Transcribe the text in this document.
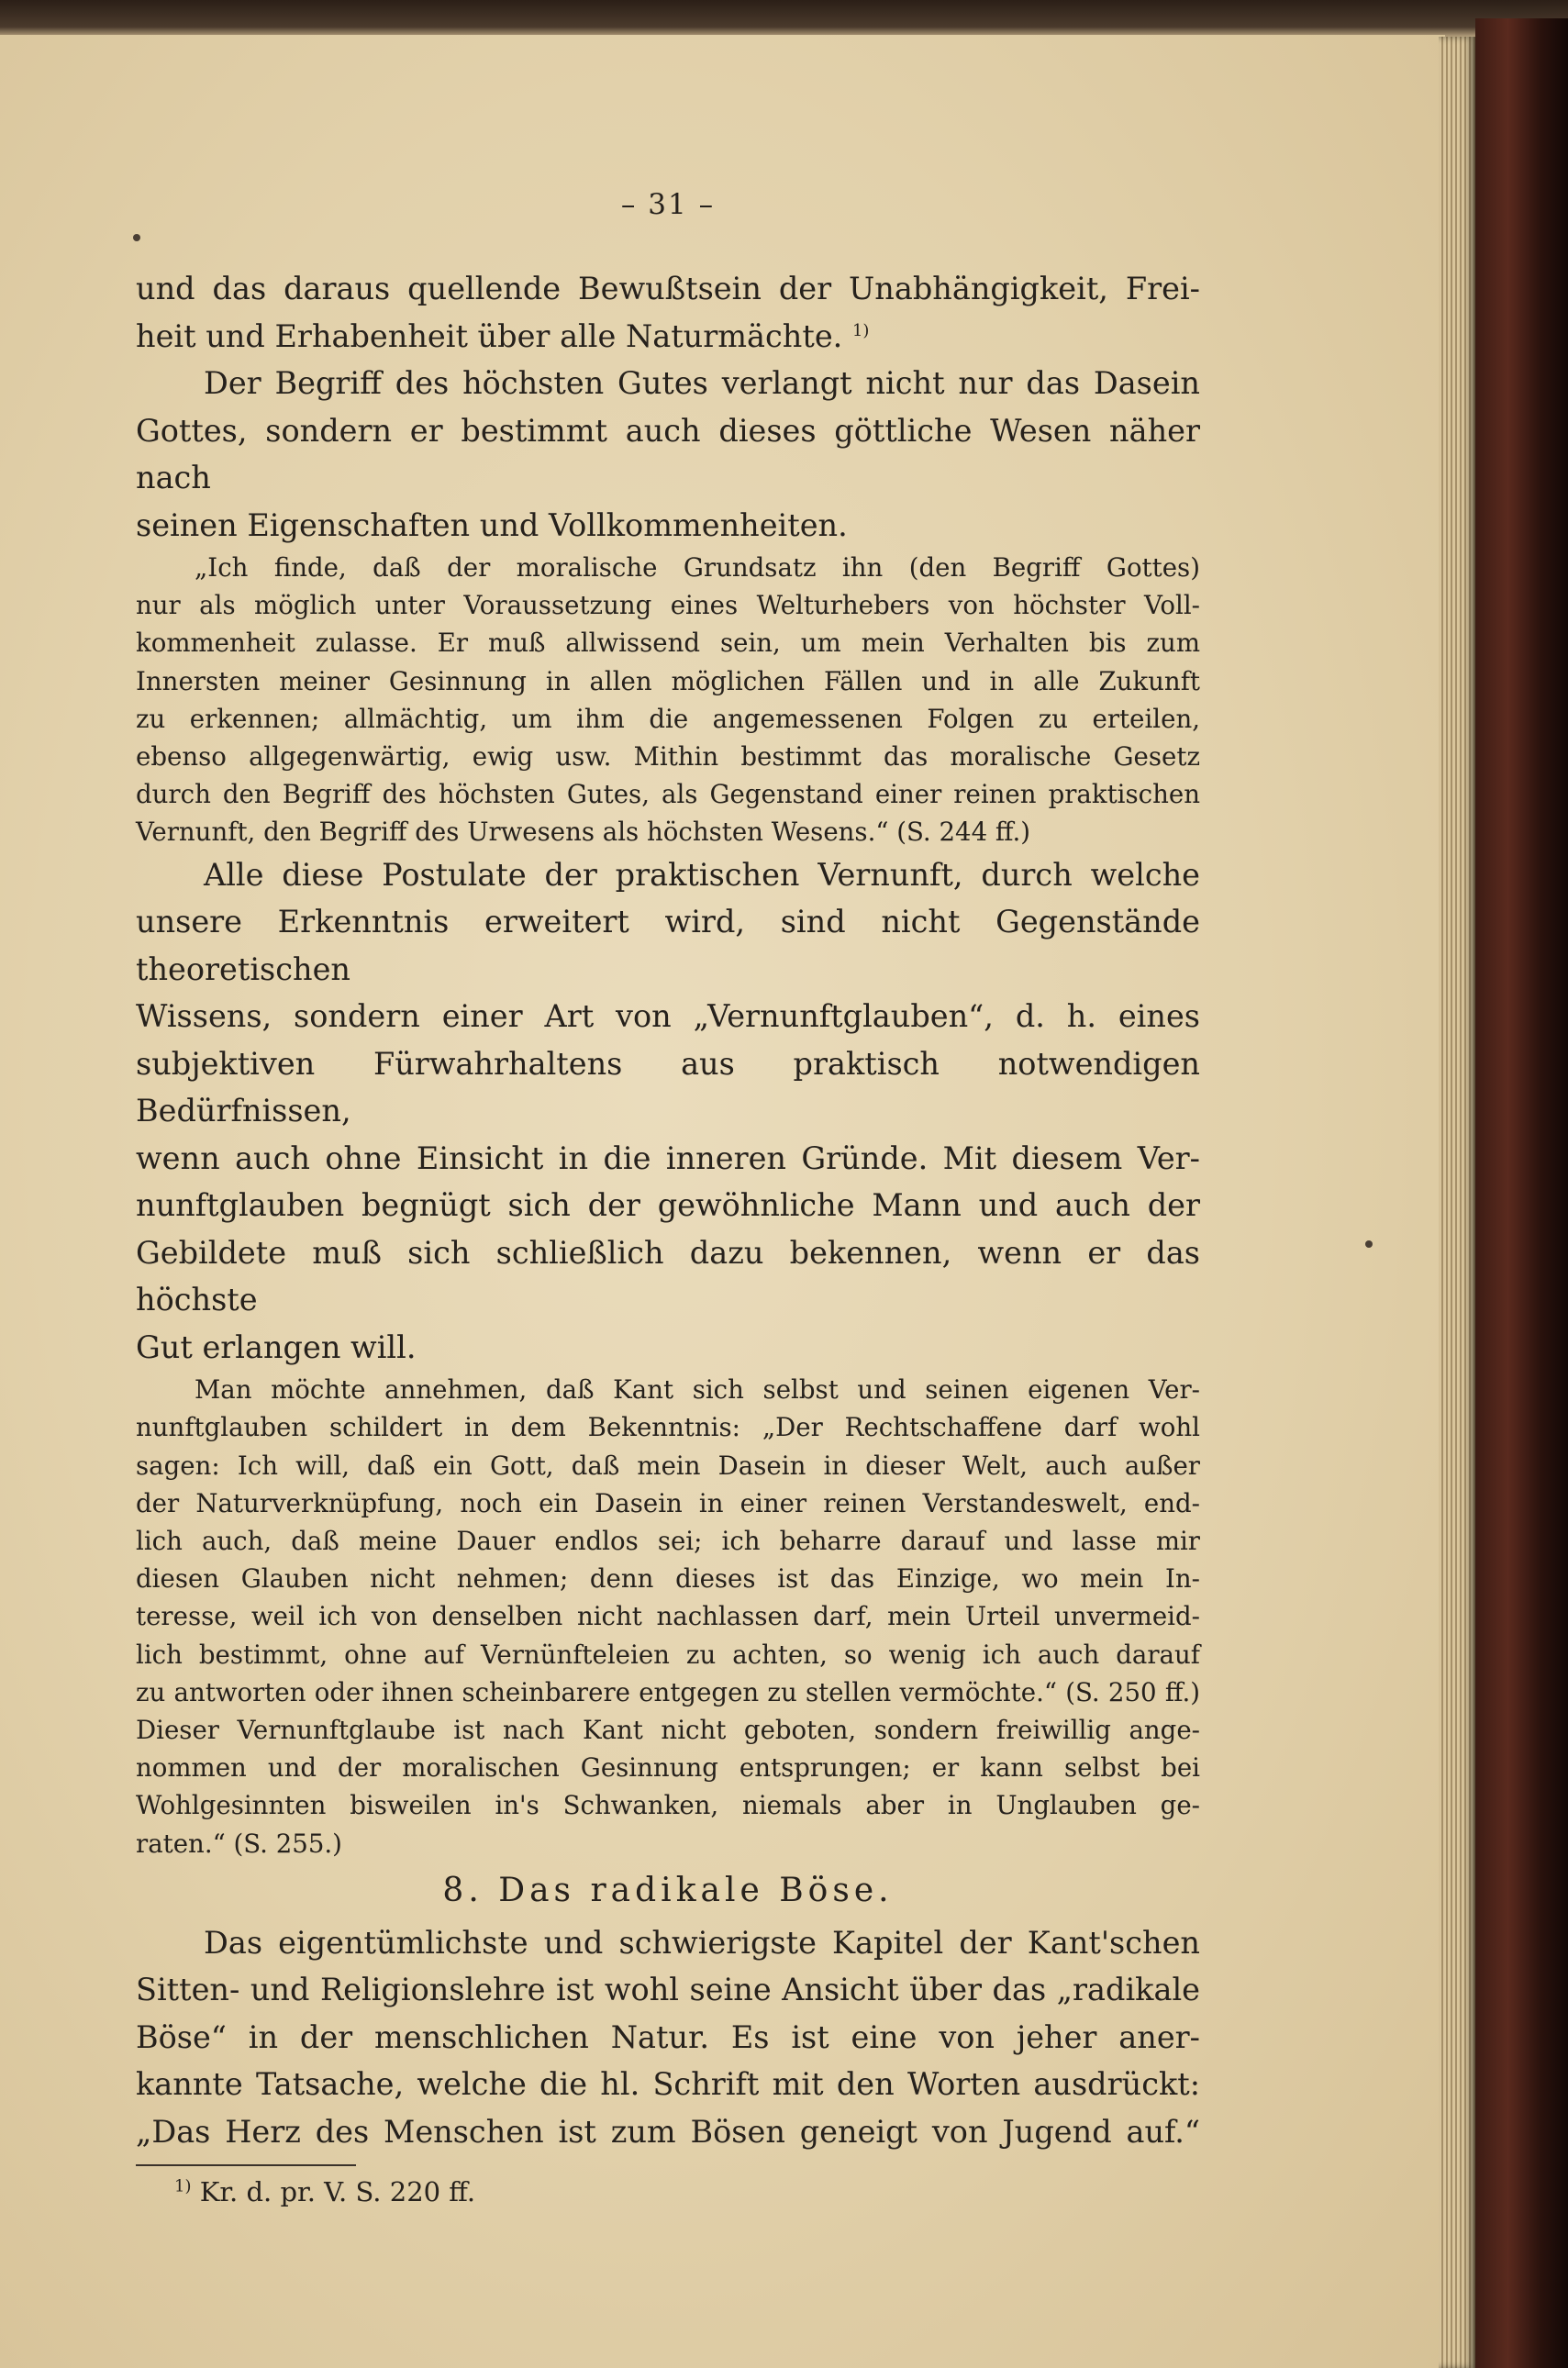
– 31 –

und das daraus quellende Bewußtsein der Unabhängigkeit, Frei-

heit und Erhabenheit über alle Naturmächte. $^{1)}$

Der Begriff des höchsten Gutes verlangt nicht nur das Dasein

Gottes, sondern er bestimmt auch dieses göttliche Wesen näher nach

seinen Eigenschaften und Vollkommenheiten.

„Ich finde, daß der moralische Grundsatz ihn (den Begriff Gottes)

nur als möglich unter Voraussetzung eines Welturhebers von höchster Voll-

kommenheit zulasse. Er muß allwissend sein, um mein Verhalten bis zum

Innersten meiner Gesinnung in allen möglichen Fällen und in alle Zukunft

zu erkennen; allmächtig, um ihm die angemessenen Folgen zu erteilen,

ebenso allgegenwärtig, ewig usw. Mithin bestimmt das moralische Gesetz

durch den Begriff des höchsten Gutes, als Gegenstand einer reinen praktischen

Vernunft, den Begriff des Urwesens als höchsten Wesens.“ (S. 244 ff.)

Alle diese Postulate der praktischen Vernunft, durch welche

unsere Erkenntnis erweitert wird, sind nicht Gegenstände theoretischen

Wissens, sondern einer Art von „Vernunftglauben“, d. h. eines

subjektiven Fürwahrhaltens aus praktisch notwendigen Bedürfnissen,

wenn auch ohne Einsicht in die inneren Gründe. Mit diesem Ver-

nunftglauben begnügt sich der gewöhnliche Mann und auch der

Gebildete muß sich schließlich dazu bekennen, wenn er das höchste

Gut erlangen will.

Man möchte annehmen, daß Kant sich selbst und seinen eigenen Ver-

nunftglauben schildert in dem Bekenntnis: „Der Rechtschaffene darf wohl

sagen: Ich will, daß ein Gott, daß mein Dasein in dieser Welt, auch außer

der Naturverknüpfung, noch ein Dasein in einer reinen Verstandeswelt, end-

lich auch, daß meine Dauer endlos sei; ich beharre darauf und lasse mir

diesen Glauben nicht nehmen; denn dieses ist das Einzige, wo mein In-

teresse, weil ich von denselben nicht nachlassen darf, mein Urteil unvermeid-

lich bestimmt, ohne auf Vernünfteleien zu achten, so wenig ich auch darauf

zu antworten oder ihnen scheinbarere entgegen zu stellen vermöchte.“ (S. 250 ff.)

Dieser Vernunftglaube ist nach Kant nicht geboten, sondern freiwillig ange-

nommen und der moralischen Gesinnung entsprungen; er kann selbst bei

Wohlgesinnten bisweilen in's Schwanken, niemals aber in Unglauben ge-

raten.“ (S. 255.)

8. Das radikale Böse.

Das eigentümlichste und schwierigste Kapitel der Kant'schen

Sitten- und Religionslehre ist wohl seine Ansicht über das „radikale

Böse“ in der menschlichen Natur. Es ist eine von jeher aner-

kannte Tatsache, welche die hl. Schrift mit den Worten ausdrückt:

„Das Herz des Menschen ist zum Bösen geneigt von Jugend auf.“

$^{1)}$ Kr. d. pr. V. S. 220 ff.
